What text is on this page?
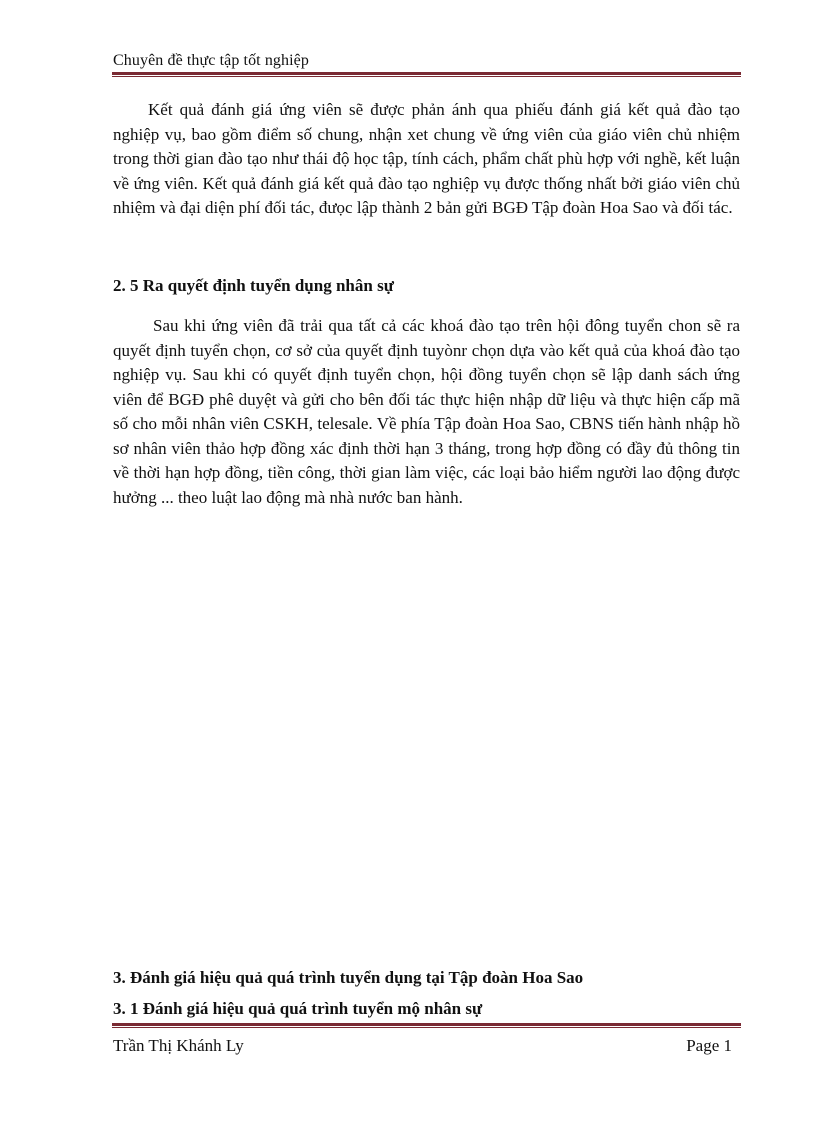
Chuyên đề thực tập tốt nghiệp

Kết quả đánh giá ứng viên sẽ được phản ánh qua phiếu đánh giá kết quả đào tạo nghiệp vụ, bao gồm điểm số chung, nhận xet chung về ứng viên của giáo viên chủ nhiệm trong thời gian đào tạo như thái độ học tập, tính cách, phẩm chất phù hợp với nghề, kết luận về ứng viên. Kết quả đánh giá kết quả đào tạo nghiệp vụ được thống nhất bởi giáo viên chủ nhiệm và đại diện phí đối tác, đưọc lập thành 2 bản gửi BGĐ Tập đoàn Hoa Sao và đối tác.

2. 5 Ra quyết định tuyển dụng nhân sự

Sau khi ứng viên đã trải qua tất cả các khoá đào tạo trên hội đông tuyển chon sẽ ra quyết định tuyển chọn, cơ sở của quyết định tuyònr chọn dựa vào kết quả của khoá đào tạo nghiệp vụ. Sau khi có quyết định tuyển chọn, hội đồng tuyển chọn sẽ lập danh sách ứng viên để BGĐ phê duyệt và gửi cho bên đối tác thực hiện nhập dữ liệu và thực hiện cấp mã số cho mỗi nhân viên CSKH, telesale. Về phía Tập đoàn Hoa Sao, CBNS tiến hành nhập hồ sơ nhân viên thảo hợp đồng xác định thời hạn 3 tháng, trong hợp đồng có đầy đủ thông tin về thời hạn hợp đồng, tiền công, thời gian làm việc, các loại bảo hiểm người lao động được hưởng ... theo luật lao động mà nhà nước ban hành.

3. Đánh giá hiệu quả quá trình tuyển dụng tại Tập đoàn Hoa Sao

3. 1 Đánh giá hiệu quả quá trình tuyển mộ nhân sự

Trần Thị Khánh Ly	Page 1
